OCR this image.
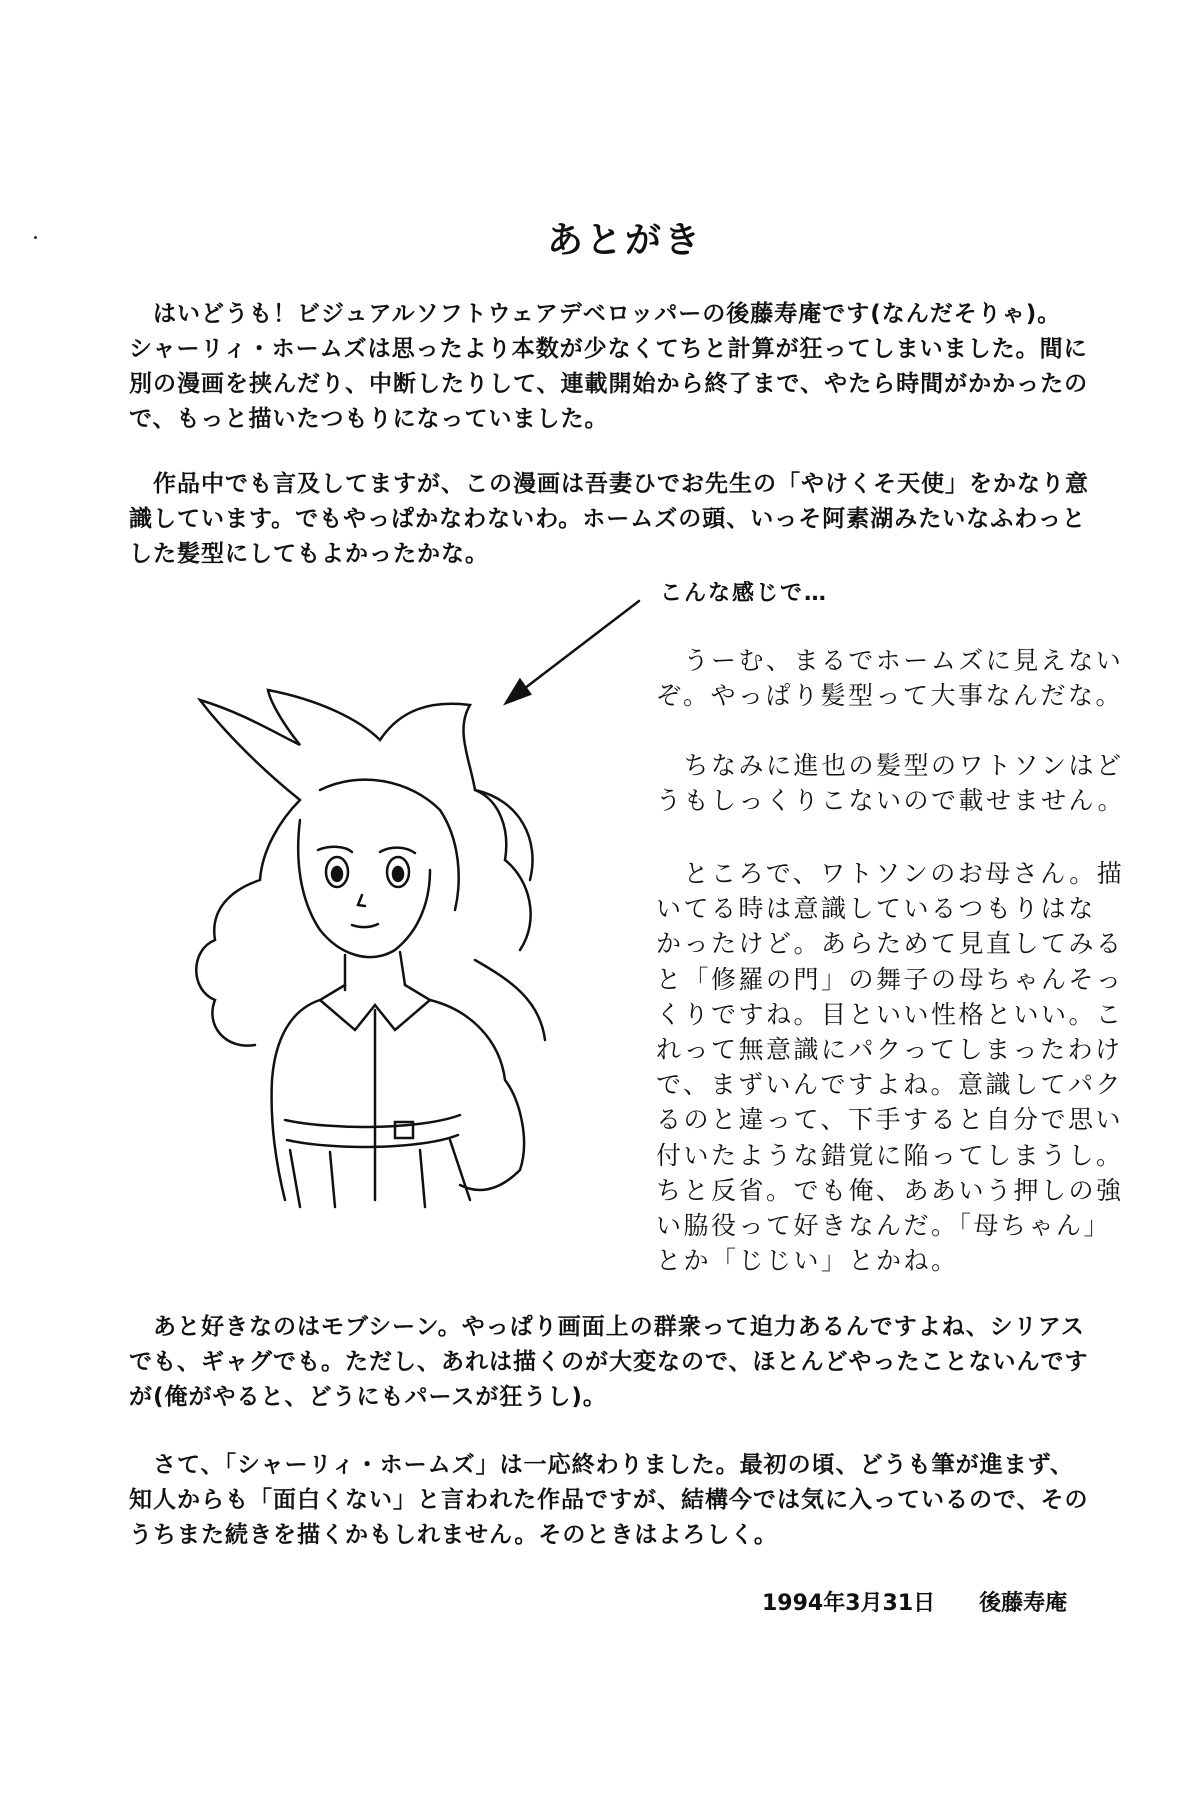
あとがき
　はいどうも！ビジュアルソフトウェアデベロッパーの後藤寿庵です(なんだそりゃ)。
シャーリィ・ホームズは思ったより本数が少なくてちと計算が狂ってしまいました。間に
別の漫画を挟んだり、中断したりして、連載開始から終了まで、やたら時間がかかったの
で、もっと描いたつもりになっていました。
　作品中でも言及してますが、この漫画は吾妻ひでお先生の「やけくそ天使」をかなり意
識しています。でもやっぱかなわないわ。ホームズの頭、いっそ阿素湖みたいなふわっと
した髪型にしてもよかったかな。
　あと好きなのはモブシーン。やっぱり画面上の群衆って迫力あるんですよね、シリアス
でも、ギャグでも。ただし、あれは描くのが大変なので、ほとんどやったことないんです
が(俺がやると、どうにもパースが狂うし)。
　さて、「シャーリィ・ホームズ」は一応終わりました。最初の頃、どうも筆が進まず、
知人からも「面白くない」と言われた作品ですが、結構今では気に入っているので、その
うちまた続きを描くかもしれません。そのときはよろしく。
こんな感じで…
　うーむ、まるでホームズに見えない
ぞ。やっぱり髪型って大事なんだな。
　ちなみに進也の髪型のワトソンはど
うもしっくりこないので載せません。
　ところで、ワトソンのお母さん。描
いてる時は意識しているつもりはな
かったけど。あらためて見直してみる
と「修羅の門」の舞子の母ちゃんそっ
くりですね。目といい性格といい。こ
れって無意識にパクってしまったわけ
で、まずいんですよね。意識してパク
るのと違って、下手すると自分で思い
付いたような錯覚に陥ってしまうし。
ちと反省。でも俺、ああいう押しの強
い脇役って好きなんだ。「母ちゃん」
とか「じじい」とかね。
1994年3月31日　　 後藤寿庵
